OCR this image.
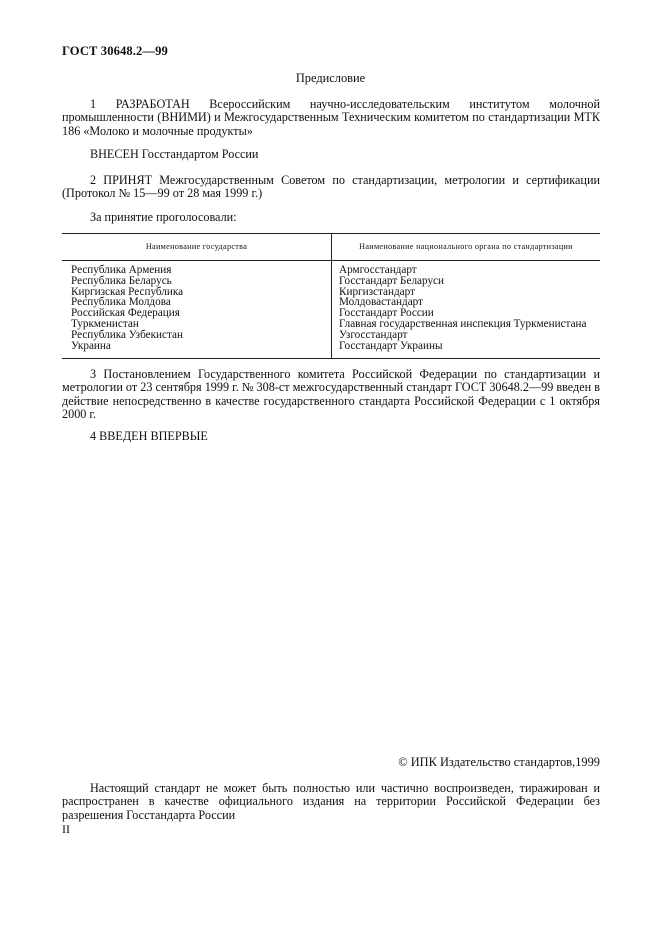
ГОСТ 30648.2—99
Предисловие

1 РАЗРАБОТАН Всероссийским научно-исследовательским институтом молочной промышленности (ВНИМИ) и Межгосударственным Техническим комитетом по стандартизации МТК 186 «Молоко и молочные продукты»

ВНЕСЕН Госстандартом России

2 ПРИНЯТ Межгосударственным Советом по стандартизации, метрологии и сертификации (Протокол № 15—99 от 28 мая 1999 г.)

За принятие проголосовали:

Наименование государства	Наименование национального органа по стандартизации
Республика Армения
Республика Беларусь
Киргизская Республика
Республика Молдова
Российская Федерация
Туркменистан
Республика Узбекистан
Украина
Армгосстандарт
Госстандарт Беларуси
Киргизстандарт
Молдовастандарт
Госстандарт России
Главная государственная инспекция Туркменистана
Узгосстандарт
Госстандарт Украины

3 Постановлением Государственного комитета Российской Федерации по стандартизации и метрологии от 23 сентября 1999 г. № 308-ст межгосударственный стандарт ГОСТ 30648.2—99 введен в действие непосредственно в качестве государственного стандарта Российской Федерации с 1 октября 2000 г.

4 ВВЕДЕН ВПЕРВЫЕ

© ИПК Издательство стандартов,1999

Настоящий стандарт не может быть полностью или частично воспроизведен, тиражирован и распространен в качестве официального издания на территории Российской Федерации без разрешения Госстандарта России

II
